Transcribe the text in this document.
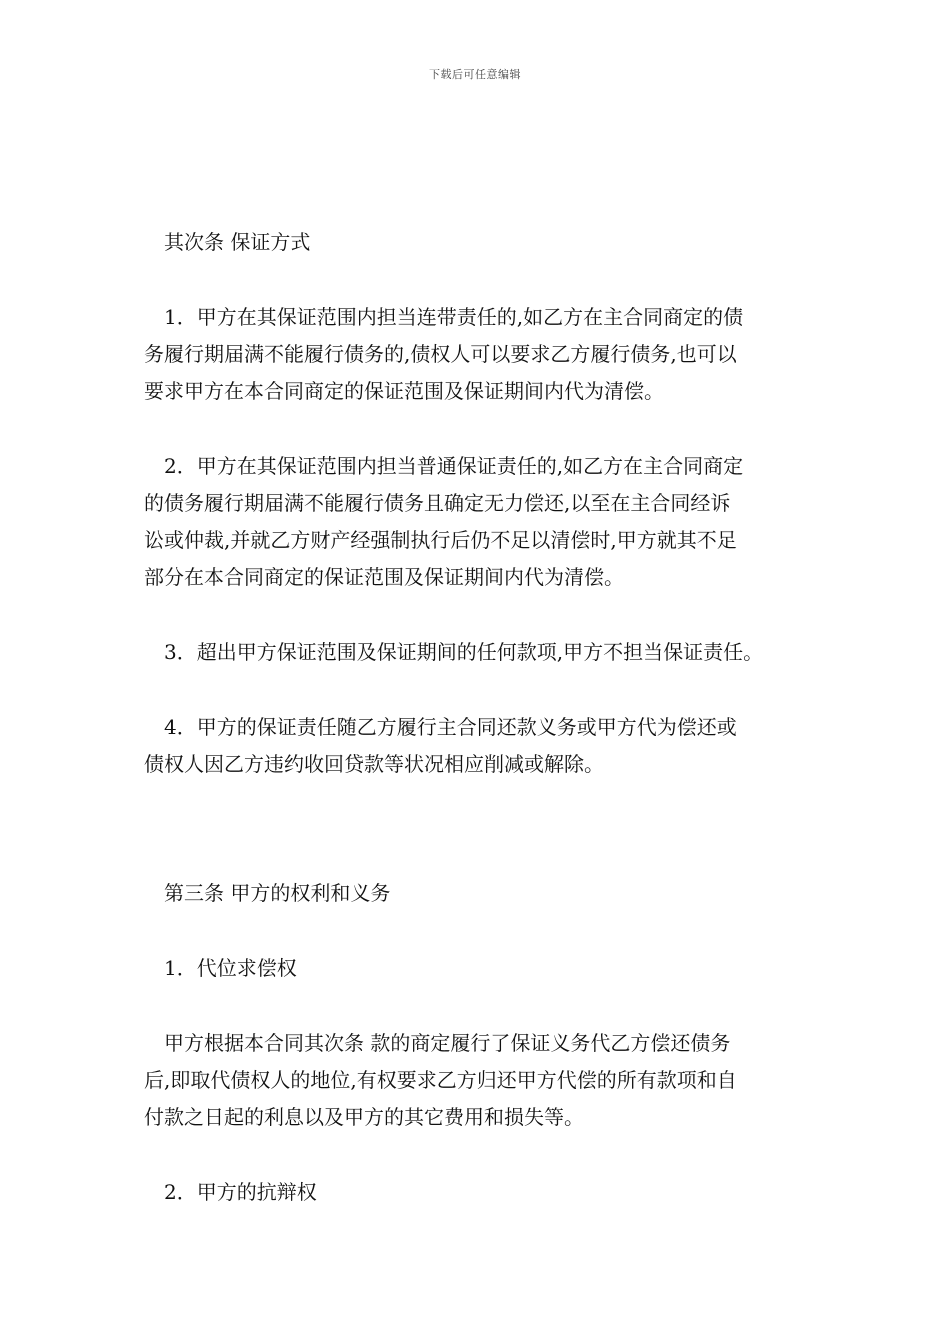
下载后可任意编辑
其次条 保证方式
1．甲方在其保证范围内担当连带责任的,如乙方在主合同商定的债
务履行期届满不能履行债务的,债权人可以要求乙方履行债务,也可以
要求甲方在本合同商定的保证范围及保证期间内代为清偿。
2．甲方在其保证范围内担当普通保证责任的,如乙方在主合同商定
的债务履行期届满不能履行债务且确定无力偿还,以至在主合同经诉
讼或仲裁,并就乙方财产经强制执行后仍不足以清偿时,甲方就其不足
部分在本合同商定的保证范围及保证期间内代为清偿。
3．超出甲方保证范围及保证期间的任何款项,甲方不担当保证责任。
4．甲方的保证责任随乙方履行主合同还款义务或甲方代为偿还或
债权人因乙方违约收回贷款等状况相应削减或解除。
第三条 甲方的权利和义务
1．代位求偿权
甲方根据本合同其次条 款的商定履行了保证义务代乙方偿还债务
后,即取代债权人的地位,有权要求乙方归还甲方代偿的所有款项和自
付款之日起的利息以及甲方的其它费用和损失等。
2．甲方的抗辩权
